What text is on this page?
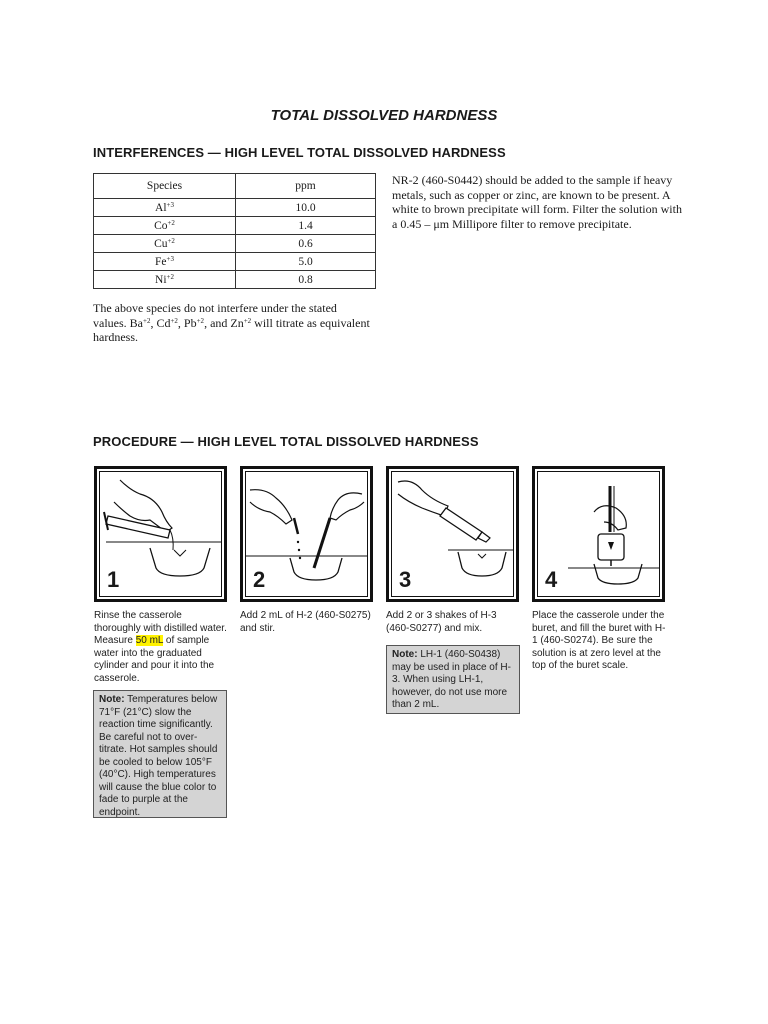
TOTAL DISSOLVED HARDNESS
INTERFERENCES — HIGH LEVEL TOTAL DISSOLVED HARDNESS
Species	ppm
$Al^{+3}$	10.0
$Co^{+2}$	1.4
$Cu^{+2}$	0.6
$Fe^{+3}$	5.0
$Ni^{+2}$	0.8
NR-2 (460-S0442) should be added to the sample if heavy metals, such as copper or zinc, are known to be present. A white to brown precipitate will form. Filter the solution with a 0.45 – μm Millipore filter to remove precipitate.
The above species do not interfere under the stated values. $Ba^{+2}$, $Cd^{+2}$, $Pb^{+2}$, and $Zn^{+2}$ will titrate as equivalent hardness.
PROCEDURE — HIGH LEVEL TOTAL DISSOLVED HARDNESS
1	2	3	4
Rinse the casserole thoroughly with distilled water. Measure 50 mL of sample water into the graduated cylinder and pour it into the casserole.
Add 2 mL of H-2 (460-S0275) and stir.
Add 2 or 3 shakes of H-3 (460-S0277) and mix.
Place the casserole under the buret, and fill the buret with H-1 (460-S0274). Be sure the solution is at zero level at the top of the buret scale.
Note: Temperatures below 71°F (21°C) slow the reaction time significantly. Be careful not to over-titrate. Hot samples should be cooled to below 105°F (40°C). High temperatures will cause the blue color to fade to purple at the endpoint.
Note: LH-1 (460-S0438) may be used in place of H-3. When using LH-1, however, do not use more than 2 mL.
